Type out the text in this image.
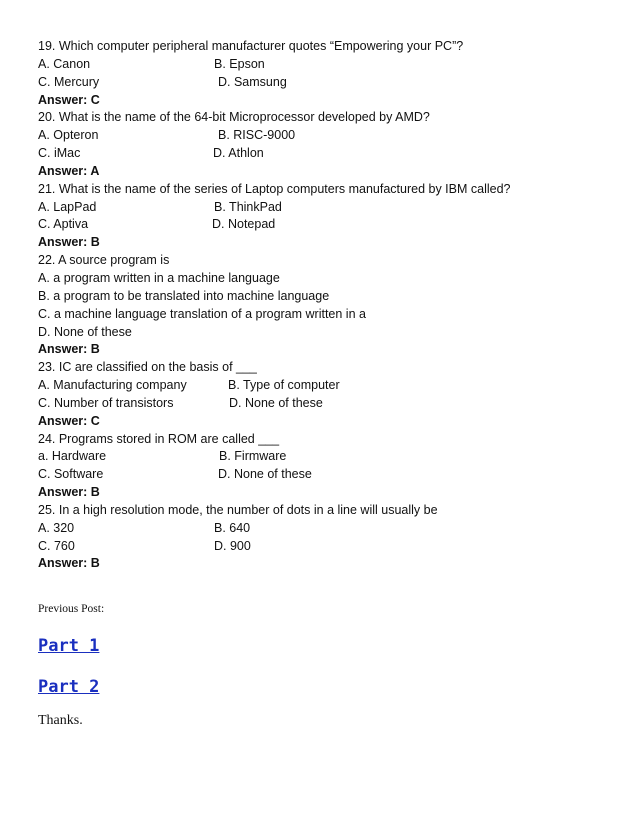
19. Which computer peripheral manufacturer quotes “Empowering your PC”?
A. Canon	B. Epson
C. Mercury	D. Samsung
Answer: C
20. What is the name of the 64-bit Microprocessor developed by AMD?
A. Opteron	B. RISC-9000
C. iMac	D. Athlon
Answer: A
21. What is the name of the series of Laptop computers manufactured by IBM called?
A. LapPad	B. ThinkPad
C. Aptiva	D. Notepad
Answer: B
22. A source program is
A. a program written in a machine language
B. a program to be translated into machine language
C. a machine language translation of a program written in a
D. None of these
Answer: B
23. IC are classified on the basis of ___
A. Manufacturing company	B. Type of computer
C. Number of transistors	D. None of these
Answer: C
24. Programs stored in ROM are called ___
a. Hardware	B. Firmware
C. Software	D. None of these
Answer: B
25. In a high resolution mode, the number of dots in a line will usually be
A. 320	B. 640
C. 760	D. 900
Answer: B
Previous Post:
Part 1
Part 2
Thanks.
